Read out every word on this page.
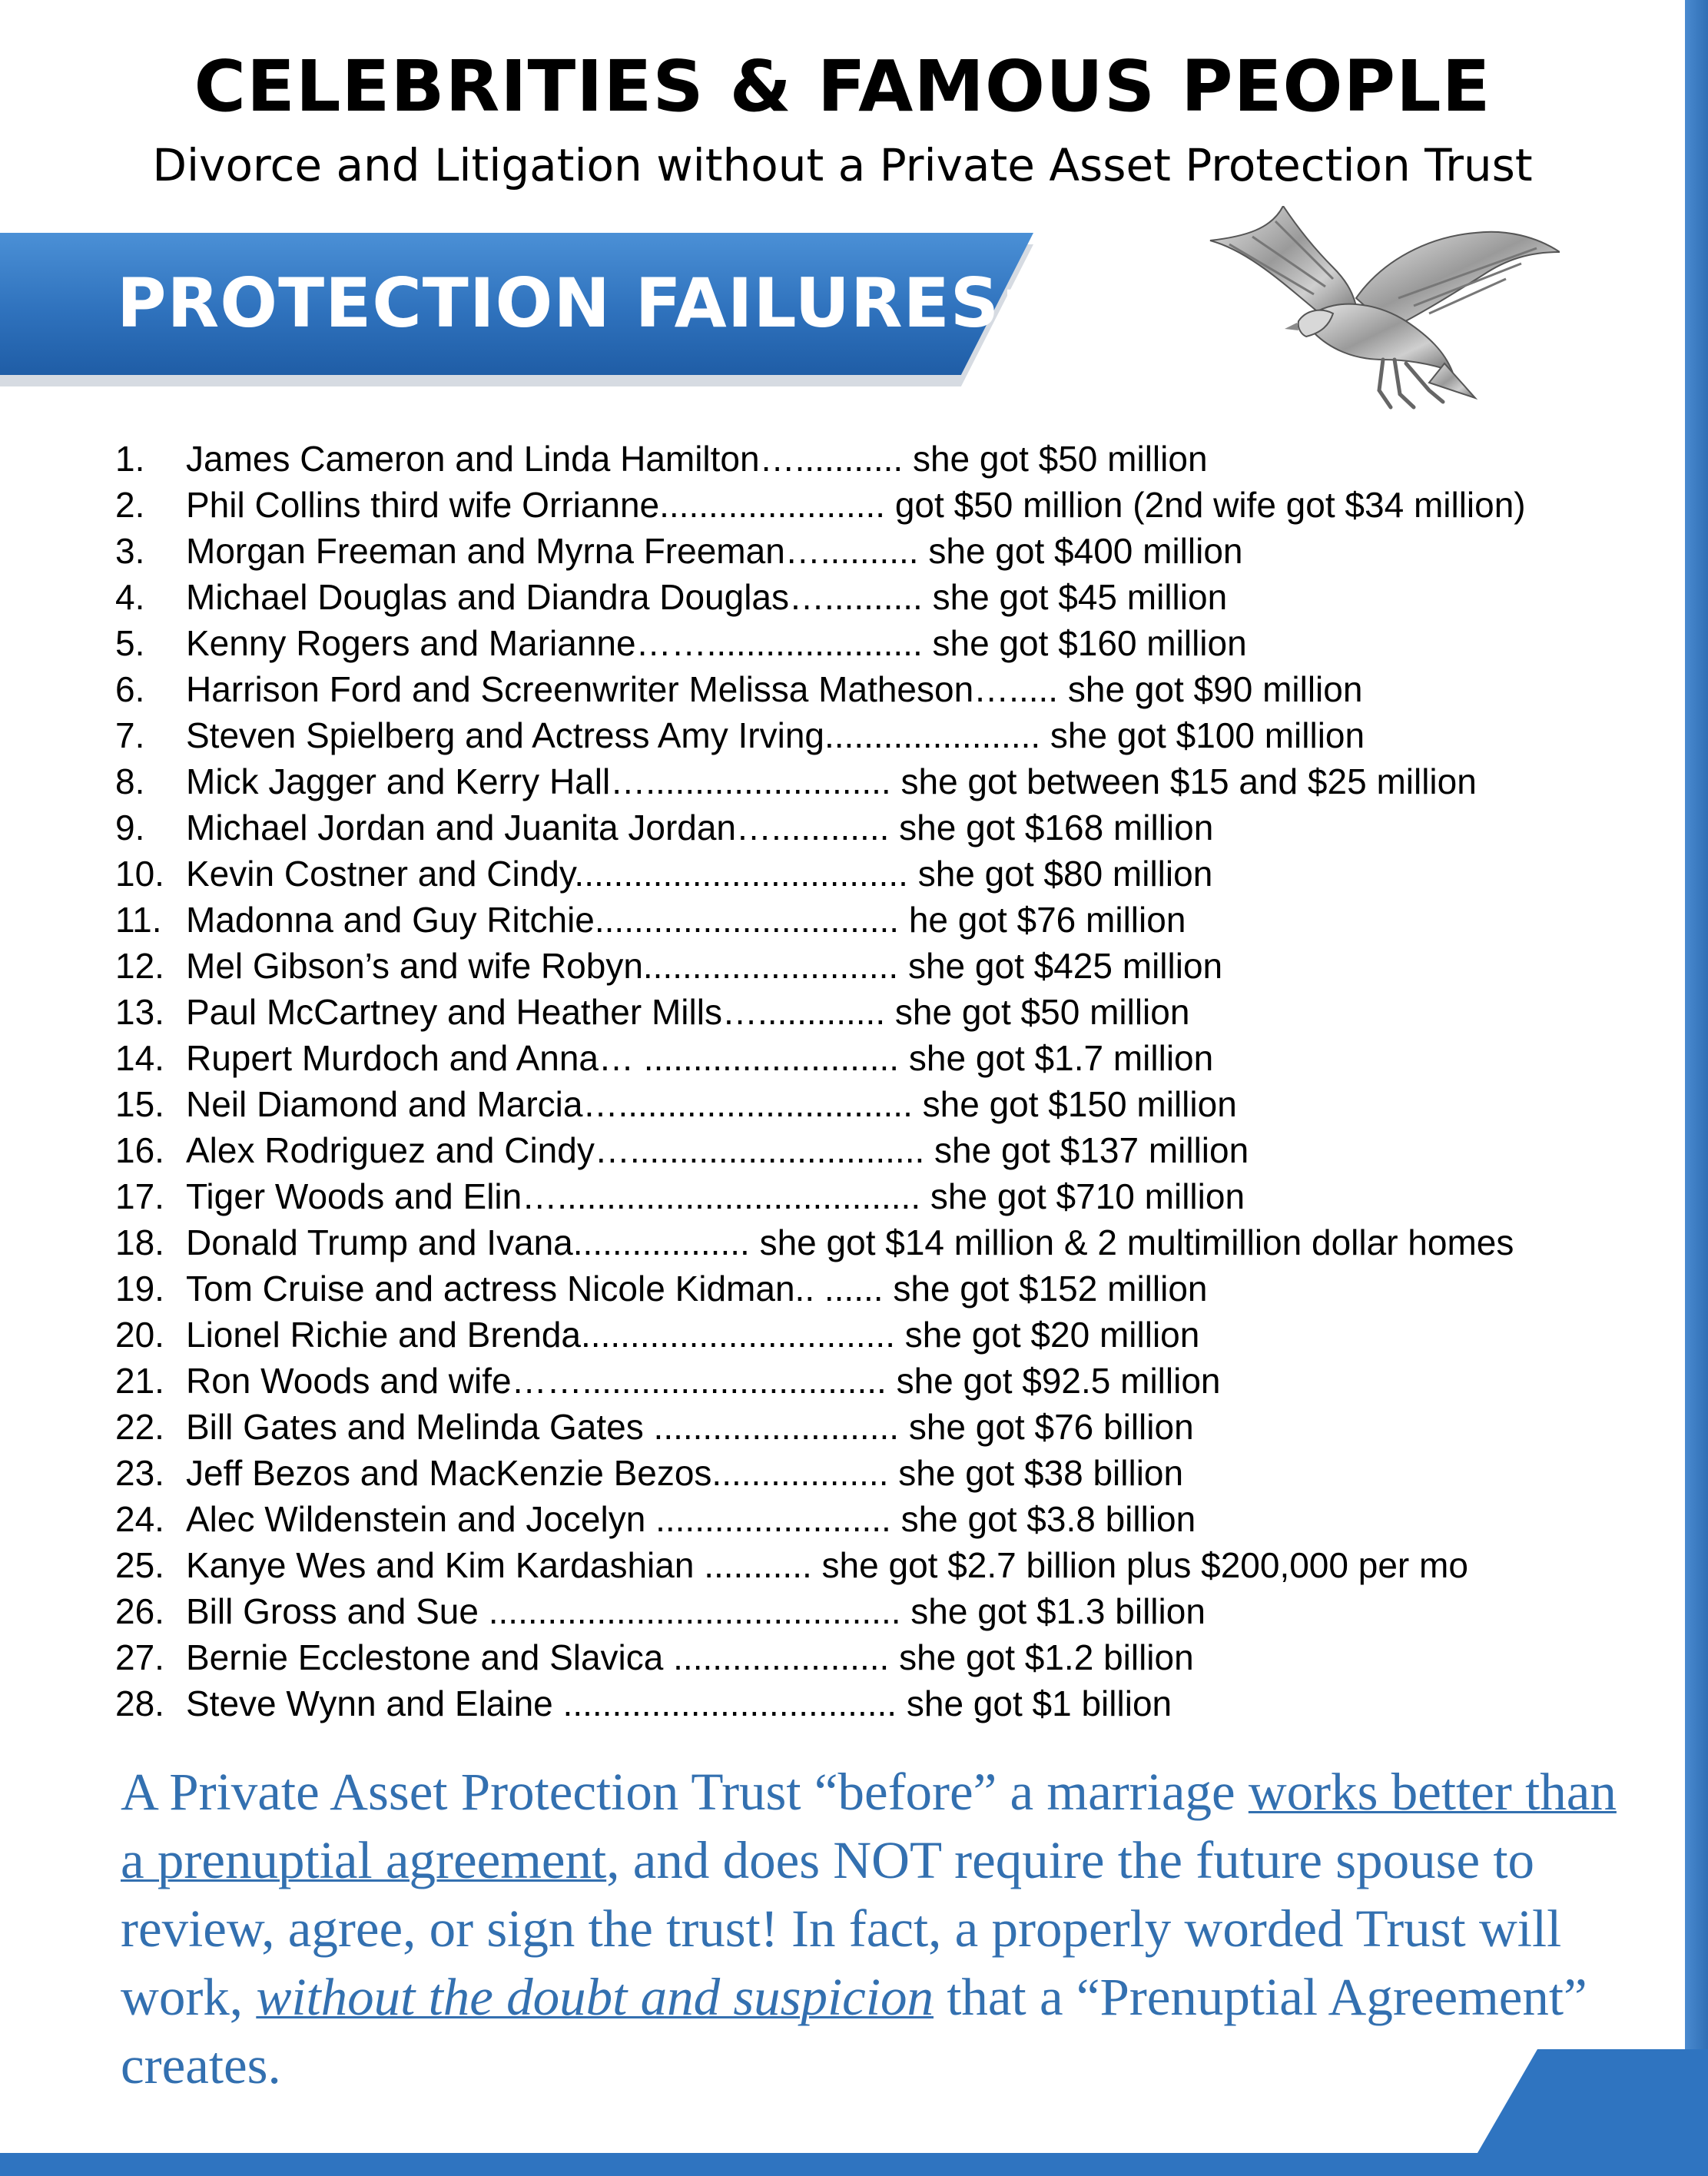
CELEBRITIES & FAMOUS PEOPLE
Divorce and Litigation without a Private Asset Protection Trust
PROTECTION FAILURES:
1.	James Cameron and Linda Hamilton…........... she got $50 million
2.	Phil Collins third wife Orrianne....................... got $50 million (2nd wife got $34 million)
3.	Morgan Freeman and Myrna Freeman….......... she got $400 million
4.	Michael Douglas and Diandra Douglas….......... she got $45 million
5.	Kenny Rogers and Marianne……...................... she got $160 million
6.	Harrison Ford and Screenwriter Melissa Matheson…..... she got $90 million
7.	Steven Spielberg and Actress Amy Irving...................... she got $100 million
8.	Mick Jagger and Kerry Hall…......................... she got between $15 and $25 million
9.	Michael Jordan and Juanita Jordan…............ she got $168 million
10. Kevin Costner and Cindy.................................. she got $80 million
11. Madonna and Guy Ritchie............................... he got $76 million
12. Mel Gibson’s and wife Robyn.......................... she got $425 million
13. Paul McCartney and Heather Mills…............. she got $50 million
14. Rupert Murdoch and Anna… .......................... she got $1.7 million
15. Neil Diamond and Marcia….............................. she got $150 million
16. Alex Rodriguez and Cindy….............................. she got $137 million
17. Tiger Woods and Elin…..................................... she got $710 million
18. Donald Trump and Ivana.................. she got $14 million & 2 multimillion dollar homes
19. Tom Cruise and actress Nicole Kidman.. ...... she got $152 million
20. Lionel Richie and Brenda................................ she got $20 million
21. Ron Woods and wife……............................... she got $92.5 million
22. Bill Gates and Melinda Gates ......................... she got $76 billion
23. Jeff Bezos and MacKenzie Bezos.................. she got $38 billion
24. Alec Wildenstein and Jocelyn ........................ she got $3.8 billion
25. Kanye Wes and Kim Kardashian ........... she got $2.7 billion plus $200,000 per mo
26. Bill Gross and Sue .......................................... she got $1.3 billion
27. Bernie Ecclestone and Slavica ...................... she got $1.2 billion
28. Steve Wynn and Elaine .................................. she got $1 billion

A Private Asset Protection Trust “before” a marriage works better than a prenuptial agreement, and does NOT require the future spouse to review, agree, or sign the trust! In fact, a properly worded Trust will work, without the doubt and suspicion that a “Prenuptial Agreement” creates.
